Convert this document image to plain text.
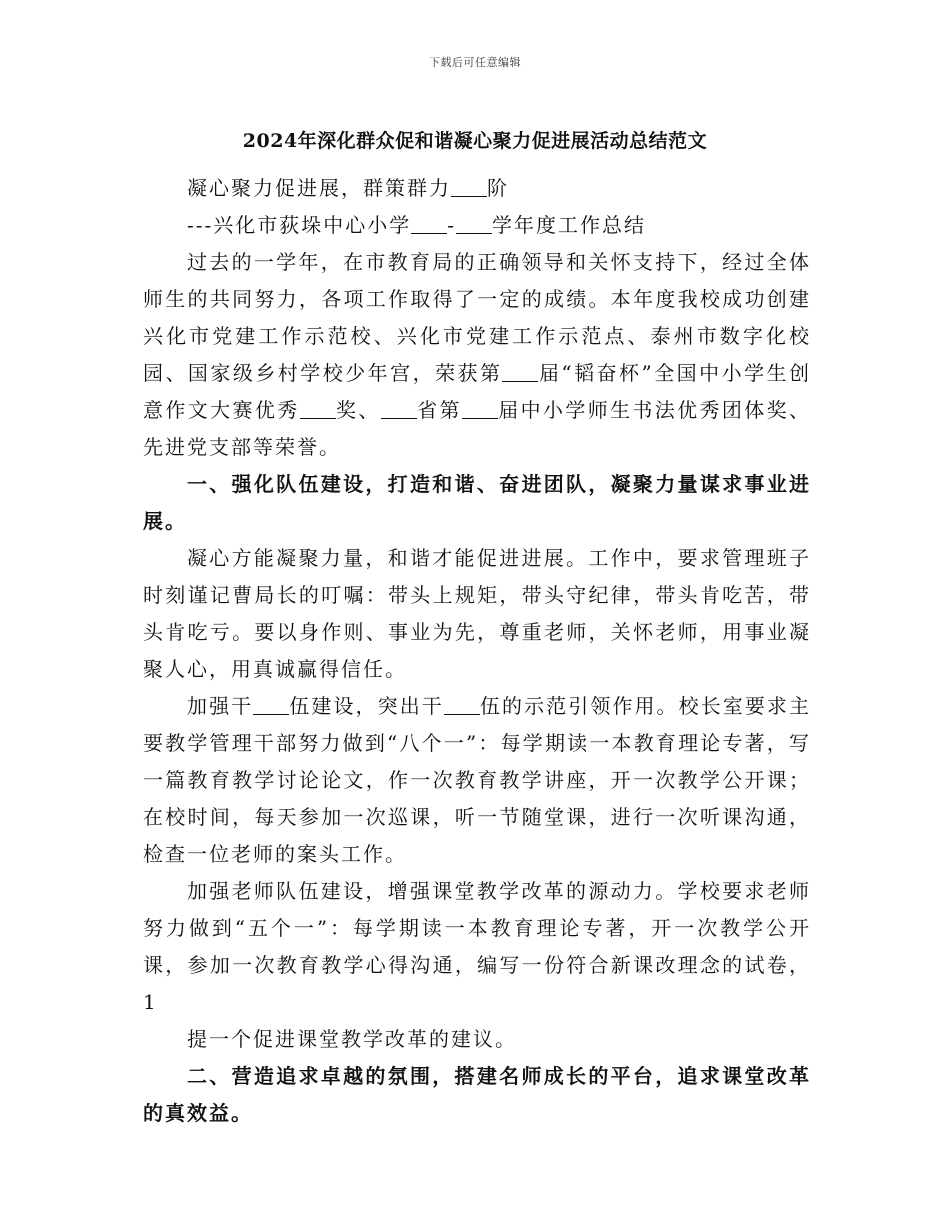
下载后可任意编辑
2024年深化群众促和谐凝心聚力促进展活动总结范文

凝心聚力促进展，群策群力 阶

---兴化市荻垛中心小学 - 学年度工作总结

过去的一学年，在市教育局的正确领导和关怀支持下，经过全体师生的共同努力，各项工作取得了一定的成绩。本年度我校成功创建兴化市党建工作示范校、兴化市党建工作示范点、泰州市数字化校园、国家级乡村学校少年宫，荣获第 届“韬奋杯”全国中小学生创意作文大赛优秀 奖、 省第 届中小学师生书法优秀团体奖、先进党支部等荣誉。

一、强化队伍建设，打造和谐、奋进团队，凝聚力量谋求事业进展。

凝心方能凝聚力量，和谐才能促进进展。工作中，要求管理班子时刻谨记曹局长的叮嘱：带头上规矩，带头守纪律，带头肯吃苦，带头肯吃亏。要以身作则、事业为先，尊重老师，关怀老师，用事业凝聚人心，用真诚赢得信任。

加强干 伍建设，突出干 伍的示范引领作用。校长室要求主要教学管理干部努力做到“八个一”：每学期读一本教育理论专著，写一篇教育教学讨论论文，作一次教育教学讲座，开一次教学公开课；在校时间，每天参加一次巡课，听一节随堂课，进行一次听课沟通，检查一位老师的案头工作。

加强老师队伍建设，增强课堂教学改革的源动力。学校要求老师努力做到“五个一”：每学期读一本教育理论专著，开一次教学公开课，参加一次教育教学心得沟通，编写一份符合新课改理念的试卷，1

提一个促进课堂教学改革的建议。

二、营造追求卓越的氛围，搭建名师成长的平台，追求课堂改革的真效益。
